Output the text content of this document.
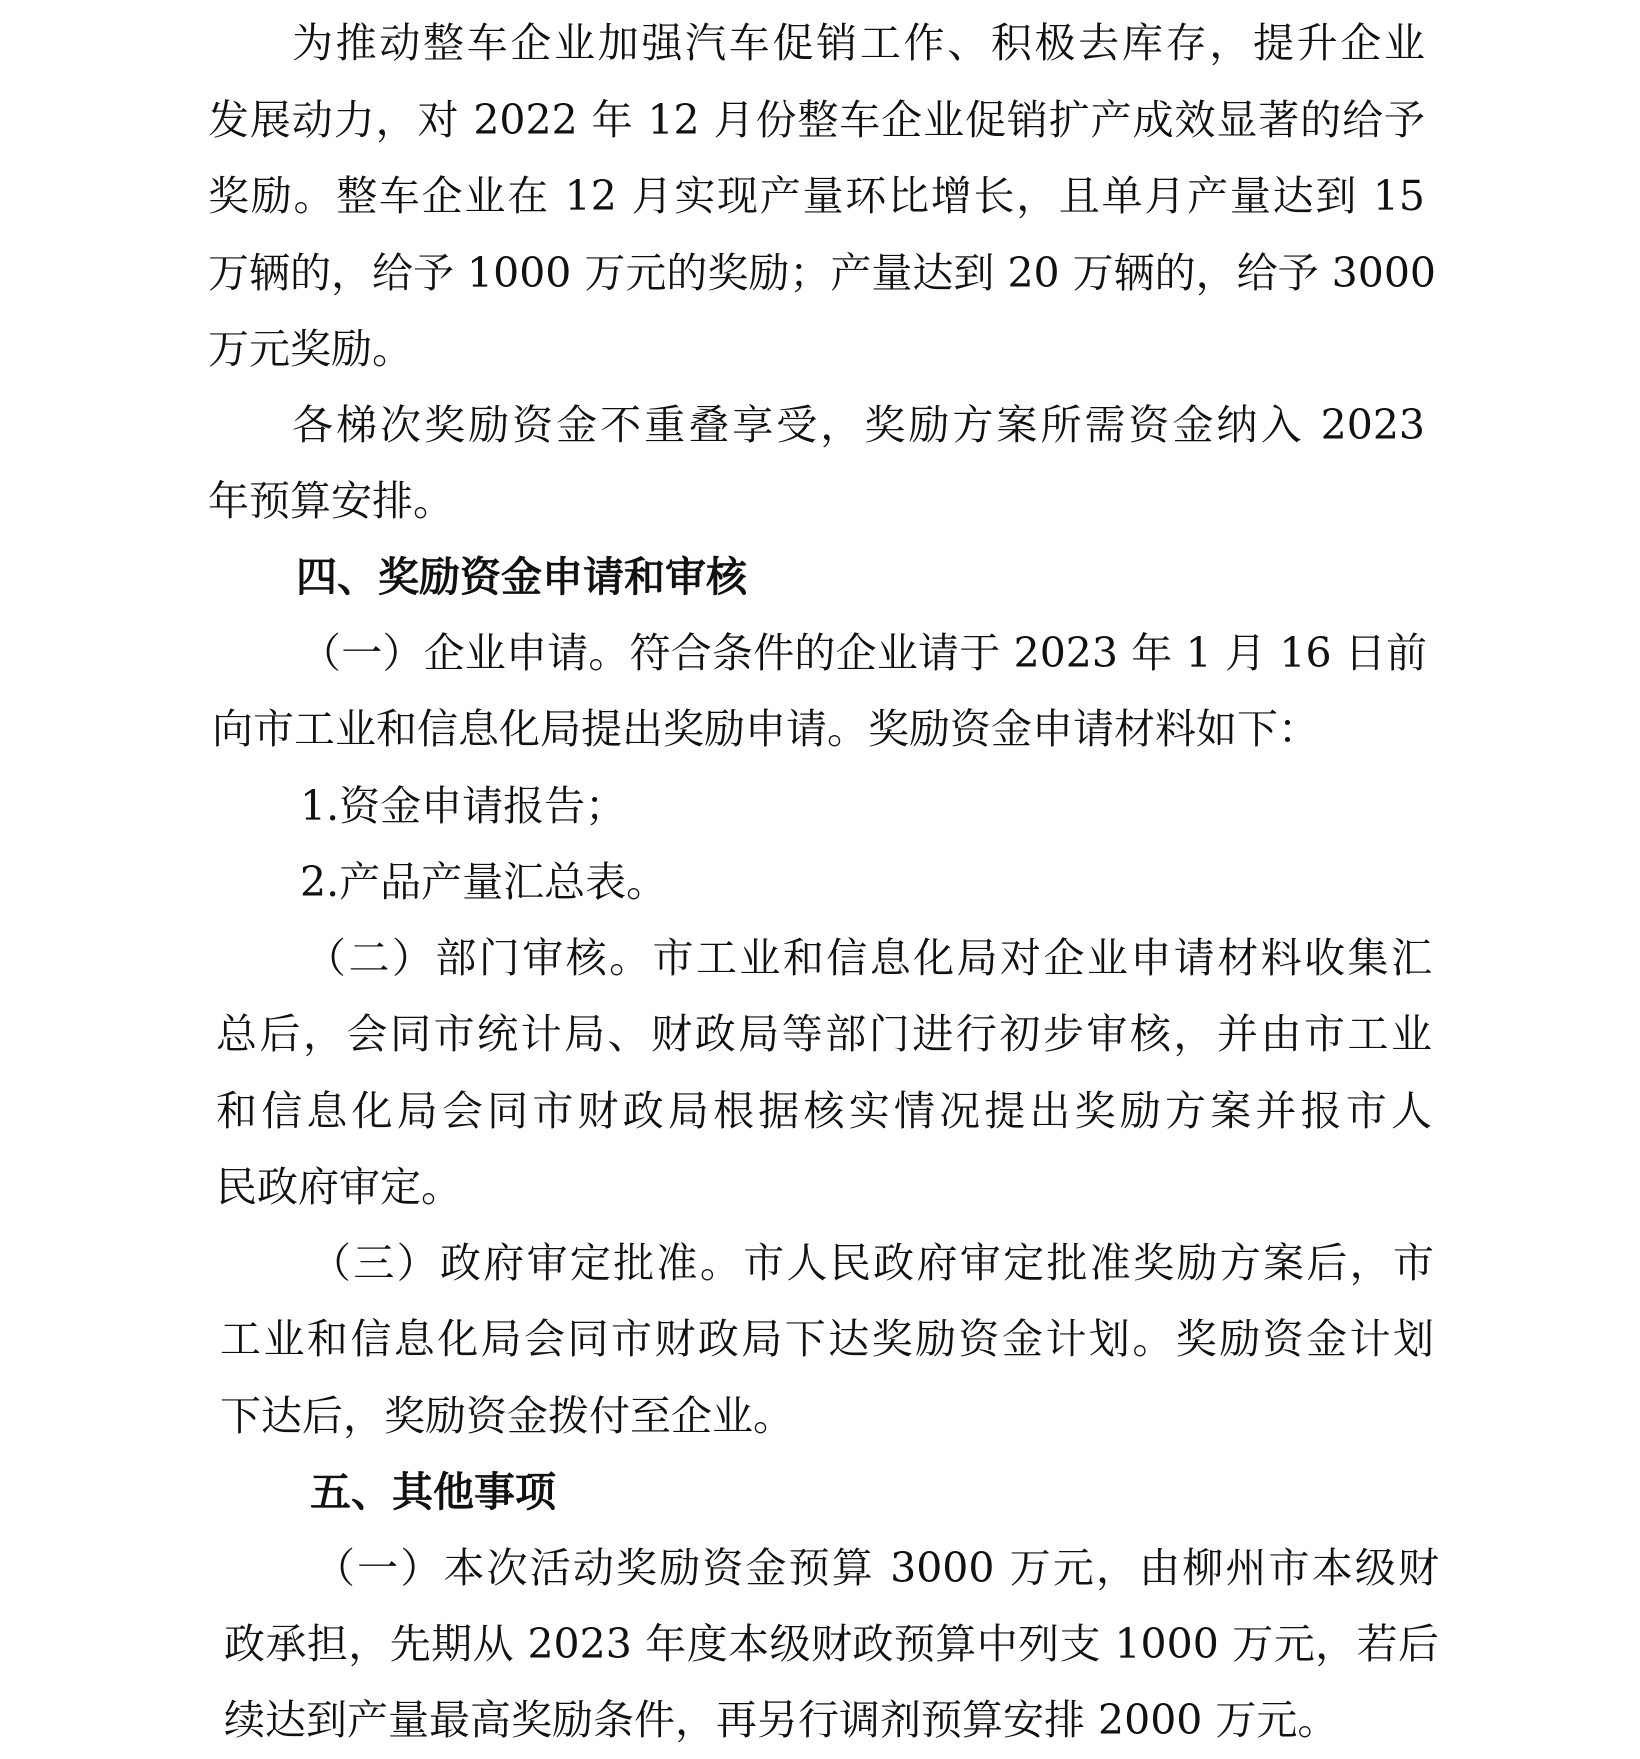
为推动整车企业加强汽车促销工作、积极去库存，提升企业
发展动力，对 2022 年 12 月份整车企业促销扩产成效显著的给予
奖励。整车企业在 12 月实现产量环比增长，且单月产量达到 15
万辆的，给予 1000 万元的奖励；产量达到 20 万辆的，给予 3000
万元奖励。
各梯次奖励资金不重叠享受，奖励方案所需资金纳入 2023
年预算安排。
四、奖励资金申请和审核
（一）企业申请。符合条件的企业请于 2023 年 1 月 16 日前
向市工业和信息化局提出奖励申请。奖励资金申请材料如下：
1.资金申请报告；
2.产品产量汇总表。
（二）部门审核。市工业和信息化局对企业申请材料收集汇
总后，会同市统计局、财政局等部门进行初步审核，并由市工业
和信息化局会同市财政局根据核实情况提出奖励方案并报市人
民政府审定。
（三）政府审定批准。市人民政府审定批准奖励方案后，市
工业和信息化局会同市财政局下达奖励资金计划。奖励资金计划
下达后，奖励资金拨付至企业。
五、其他事项
（一）本次活动奖励资金预算 3000 万元，由柳州市本级财
政承担，先期从 2023 年度本级财政预算中列支 1000 万元，若后
续达到产量最高奖励条件，再另行调剂预算安排 2000 万元。
